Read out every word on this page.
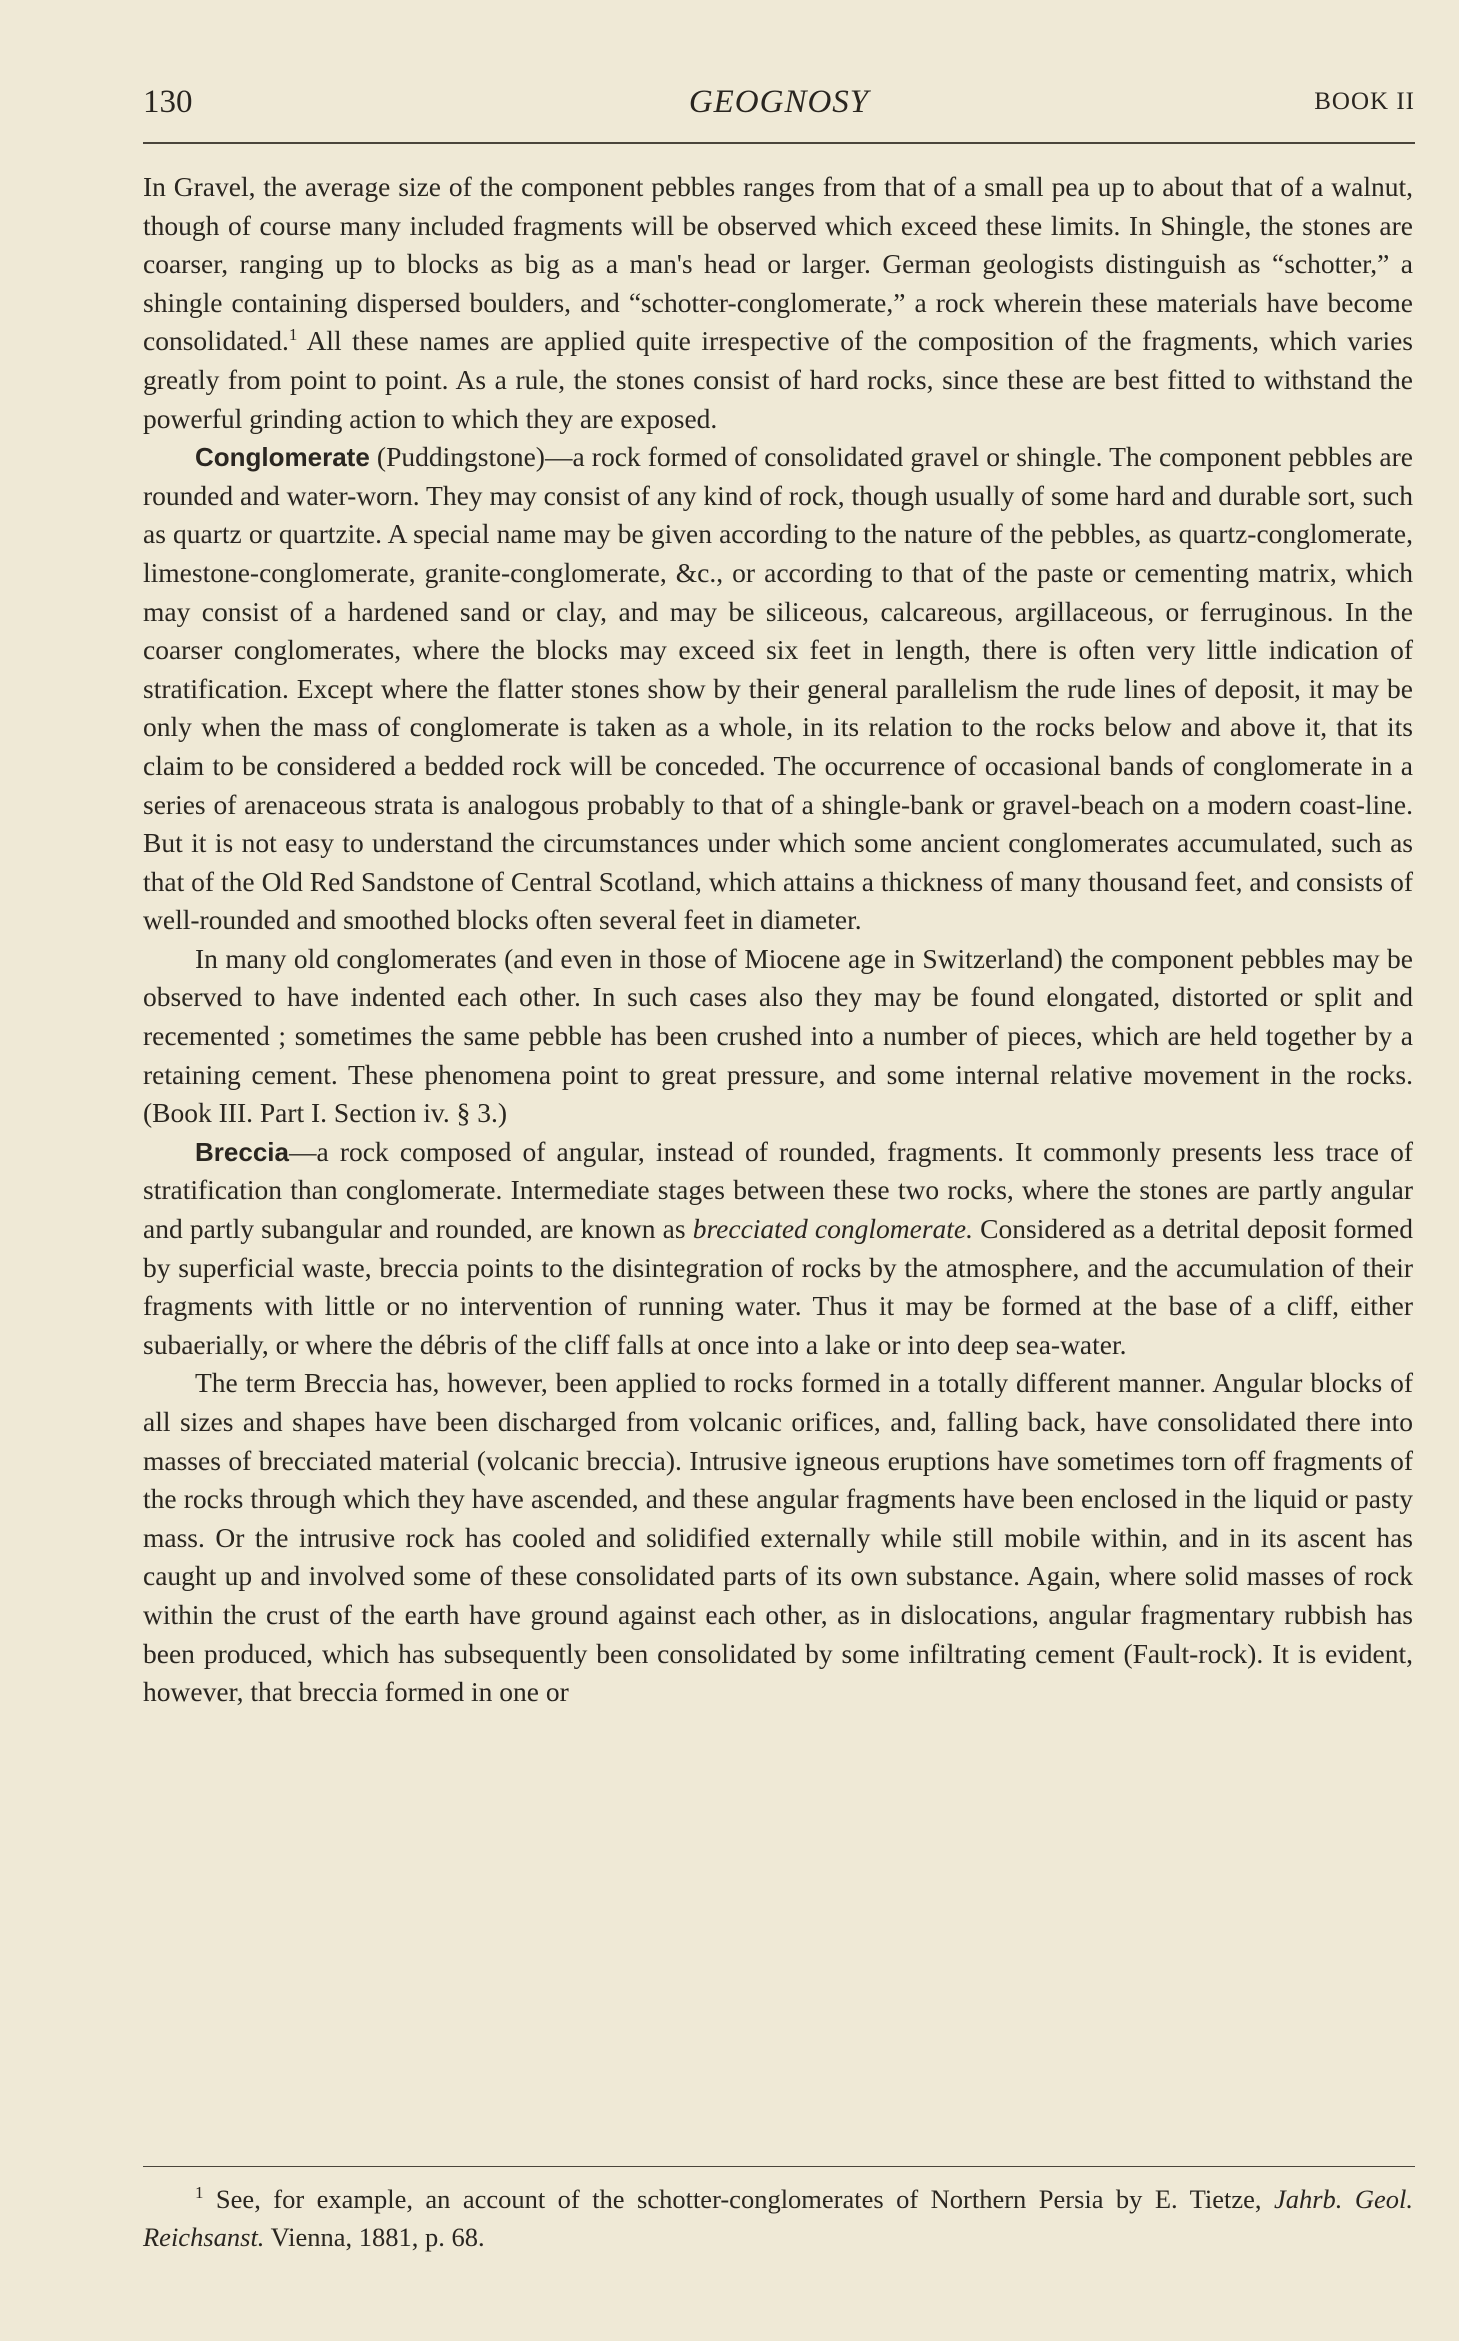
130	GEOGNOSY	BOOK II

In Gravel, the average size of the component pebbles ranges from that of a small pea up to about that of a walnut, though of course many included fragments will be observed which exceed these limits. In Shingle, the stones are coarser, ranging up to blocks as big as a man's head or larger. German geologists distinguish as “schotter,” a shingle containing dispersed boulders, and “schotter-conglomerate,” a rock wherein these materials have become consolidated.$^1$ All these names are applied quite irrespective of the composition of the fragments, which varies greatly from point to point. As a rule, the stones consist of hard rocks, since these are best fitted to withstand the powerful grinding action to which they are exposed.

Conglomerate (Puddingstone)—a rock formed of consolidated gravel or shingle. The component pebbles are rounded and water-worn. They may consist of any kind of rock, though usually of some hard and durable sort, such as quartz or quartzite. A special name may be given according to the nature of the pebbles, as quartz-conglomerate, limestone-conglomerate, granite-conglomerate, &c., or according to that of the paste or cementing matrix, which may consist of a hardened sand or clay, and may be siliceous, calcareous, argillaceous, or ferruginous. In the coarser conglomerates, where the blocks may exceed six feet in length, there is often very little indication of stratification. Except where the flatter stones show by their general parallelism the rude lines of deposit, it may be only when the mass of conglomerate is taken as a whole, in its relation to the rocks below and above it, that its claim to be considered a bedded rock will be conceded. The occurrence of occasional bands of conglomerate in a series of arenaceous strata is analogous probably to that of a shingle-bank or gravel-beach on a modern coast-line. But it is not easy to understand the circumstances under which some ancient conglomerates accumulated, such as that of the Old Red Sandstone of Central Scotland, which attains a thickness of many thousand feet, and consists of well-rounded and smoothed blocks often several feet in diameter.

In many old conglomerates (and even in those of Miocene age in Switzerland) the component pebbles may be observed to have indented each other. In such cases also they may be found elongated, distorted or split and recemented ; sometimes the same pebble has been crushed into a number of pieces, which are held together by a retaining cement. These phenomena point to great pressure, and some internal relative movement in the rocks. (Book III. Part I. Section iv. § 3.)

Breccia—a rock composed of angular, instead of rounded, fragments. It commonly presents less trace of stratification than conglomerate. Intermediate stages between these two rocks, where the stones are partly angular and partly subangular and rounded, are known as brecciated conglomerate. Considered as a detrital deposit formed by superficial waste, breccia points to the disintegration of rocks by the atmosphere, and the accumulation of their fragments with little or no intervention of running water. Thus it may be formed at the base of a cliff, either subaerially, or where the débris of the cliff falls at once into a lake or into deep sea-water.

The term Breccia has, however, been applied to rocks formed in a totally different manner. Angular blocks of all sizes and shapes have been discharged from volcanic orifices, and, falling back, have consolidated there into masses of brecciated material (volcanic breccia). Intrusive igneous eruptions have sometimes torn off fragments of the rocks through which they have ascended, and these angular fragments have been enclosed in the liquid or pasty mass. Or the intrusive rock has cooled and solidified externally while still mobile within, and in its ascent has caught up and involved some of these consolidated parts of its own substance. Again, where solid masses of rock within the crust of the earth have ground against each other, as in dislocations, angular fragmentary rubbish has been produced, which has subsequently been consolidated by some infiltrating cement (Fault-rock). It is evident, however, that breccia formed in one or

$^1$ See, for example, an account of the schotter-conglomerates of Northern Persia by E. Tietze, Jahrb. Geol. Reichsanst. Vienna, 1881, p. 68.
